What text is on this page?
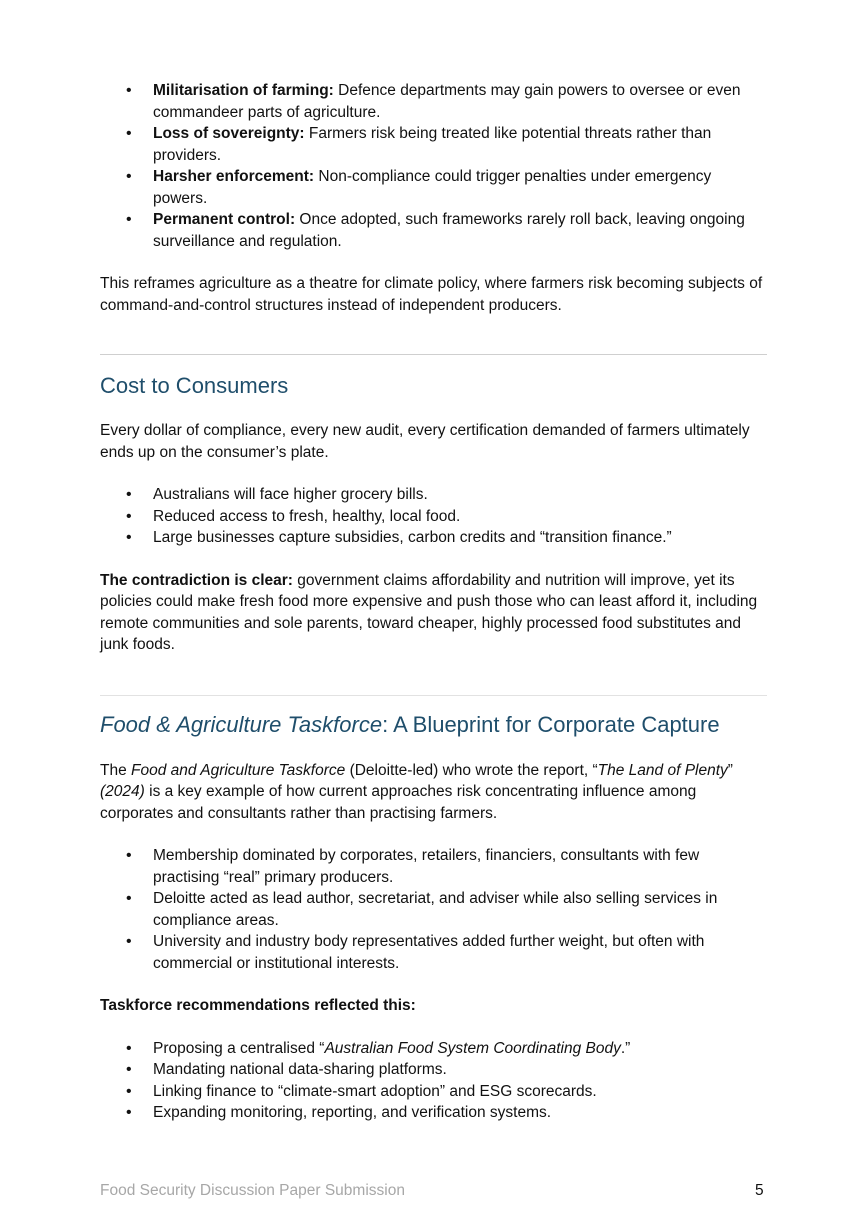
• Militarisation of farming: Defence departments may gain powers to oversee or even commandeer parts of agriculture.
• Loss of sovereignty: Farmers risk being treated like potential threats rather than providers.
• Harsher enforcement: Non-compliance could trigger penalties under emergency powers.
• Permanent control: Once adopted, such frameworks rarely roll back, leaving ongoing surveillance and regulation.

This reframes agriculture as a theatre for climate policy, where farmers risk becoming subjects of command-and-control structures instead of independent producers.

Cost to Consumers

Every dollar of compliance, every new audit, every certification demanded of farmers ultimately ends up on the consumer’s plate.

• Australians will face higher grocery bills.
• Reduced access to fresh, healthy, local food.
• Large businesses capture subsidies, carbon credits and “transition finance.”

The contradiction is clear: government claims affordability and nutrition will improve, yet its policies could make fresh food more expensive and push those who can least afford it, including remote communities and sole parents, toward cheaper, highly processed food substitutes and junk foods.

Food & Agriculture Taskforce: A Blueprint for Corporate Capture

The Food and Agriculture Taskforce (Deloitte-led) who wrote the report, “The Land of Plenty” (2024) is a key example of how current approaches risk concentrating influence among corporates and consultants rather than practising farmers.

• Membership dominated by corporates, retailers, financiers, consultants with few practising “real” primary producers.
• Deloitte acted as lead author, secretariat, and adviser while also selling services in compliance areas.
• University and industry body representatives added further weight, but often with commercial or institutional interests.

Taskforce recommendations reflected this:

• Proposing a centralised “Australian Food System Coordinating Body.”
• Mandating national data-sharing platforms.
• Linking finance to “climate-smart adoption” and ESG scorecards.
• Expanding monitoring, reporting, and verification systems.
Food Security Discussion Paper Submission	5
